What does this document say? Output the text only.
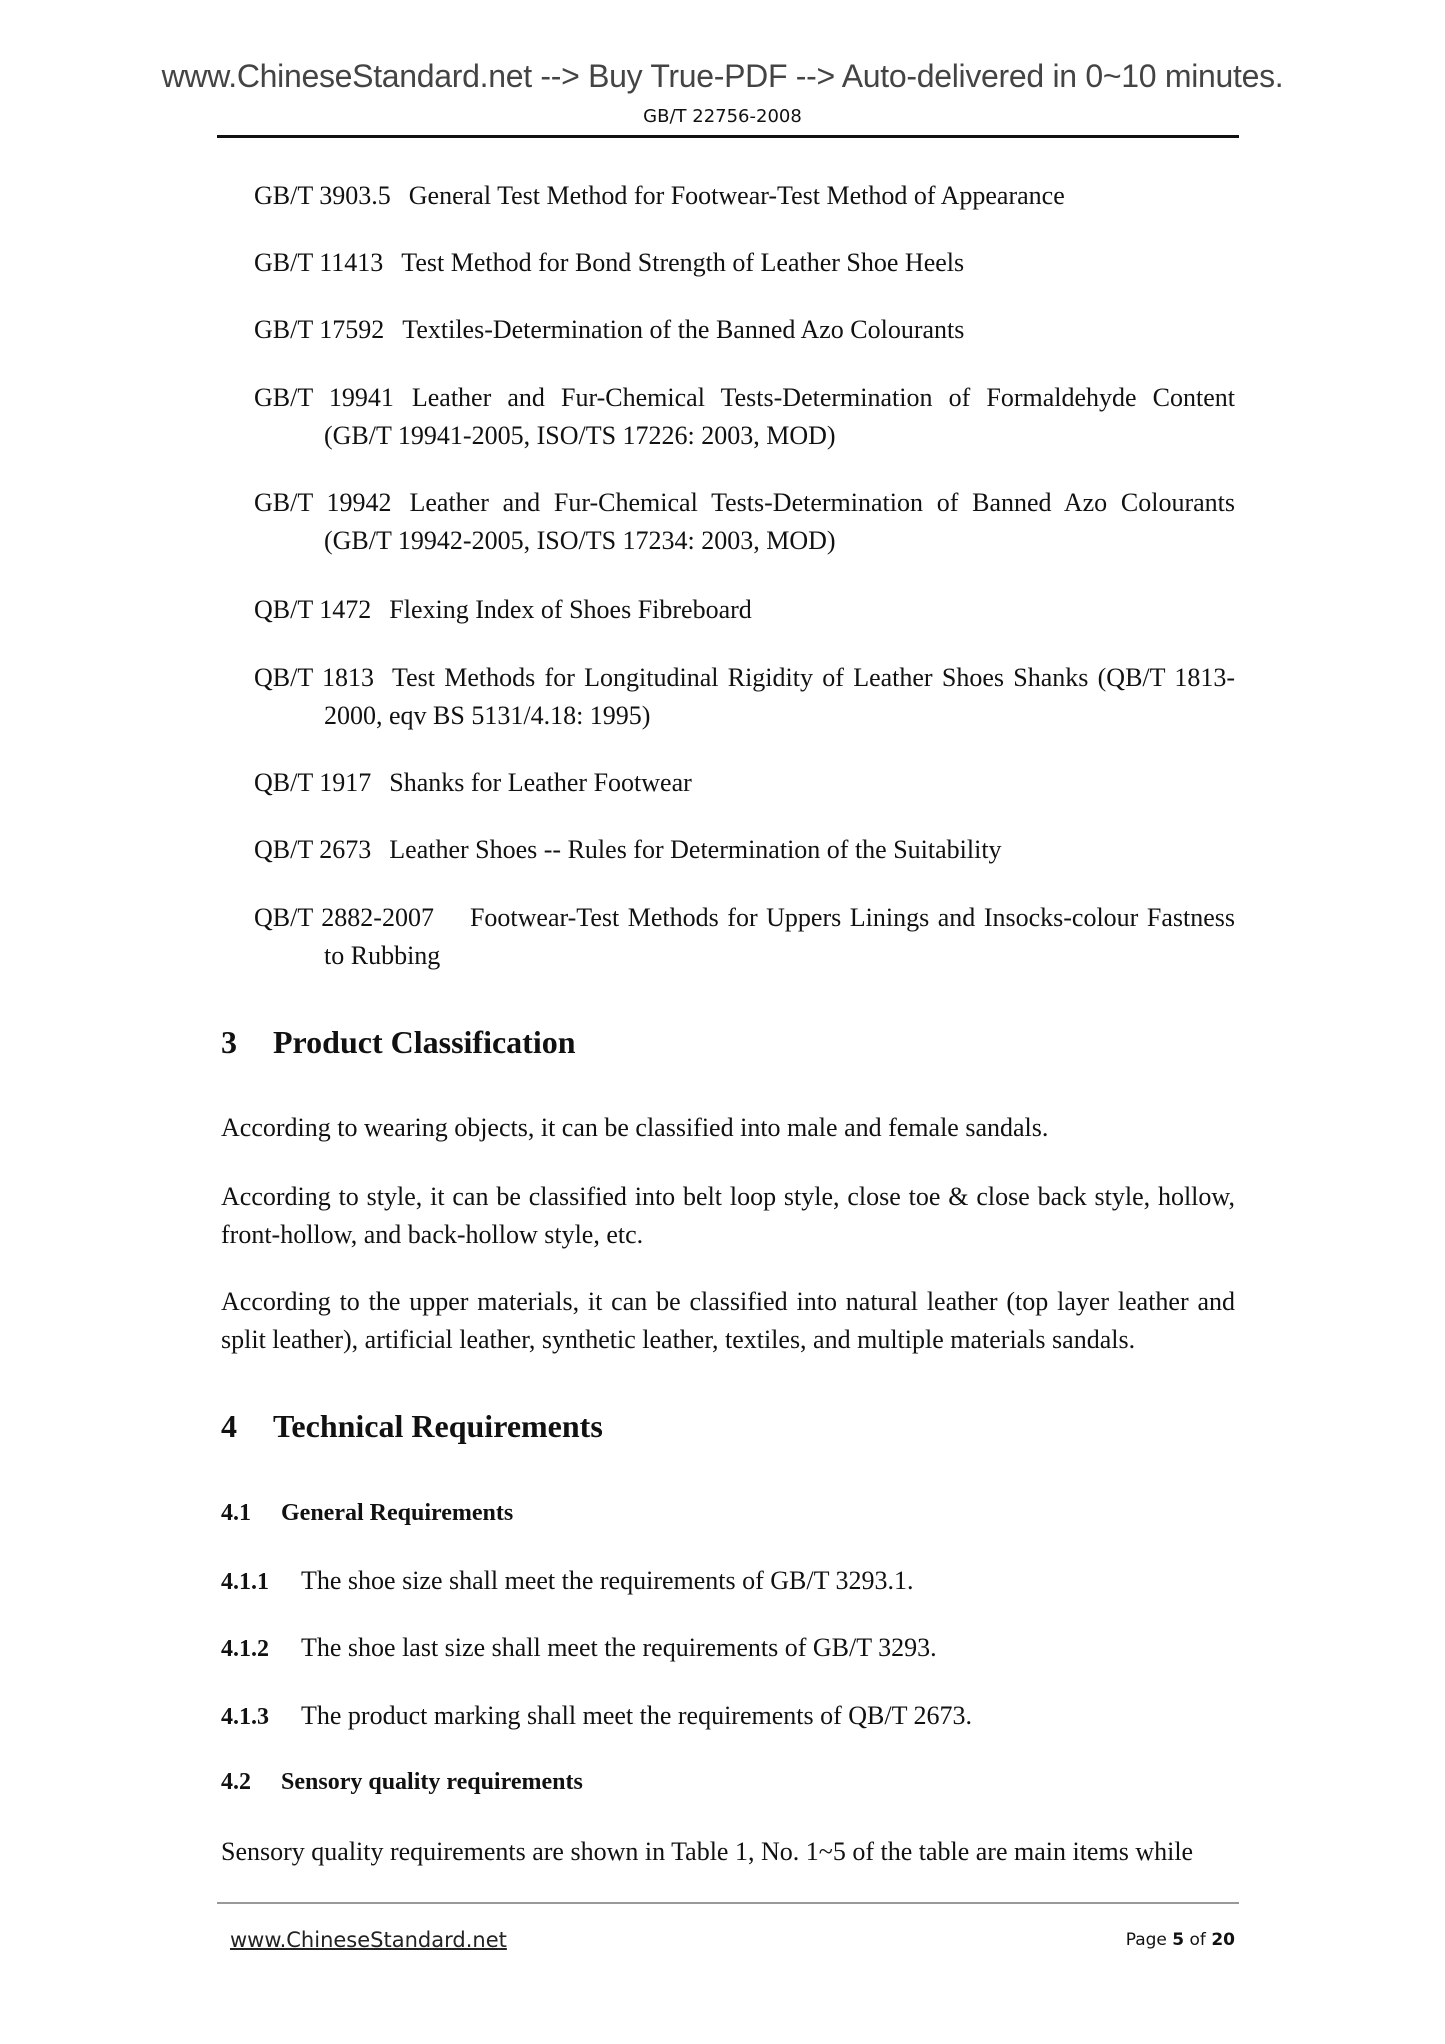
www.ChineseStandard.net --> Buy True-PDF --> Auto-delivered in 0~10 minutes.
GB/T 22756-2008
GB/T 3903.5 General Test Method for Footwear-Test Method of Appearance
GB/T 11413 Test Method for Bond Strength of Leather Shoe Heels
GB/T 17592 Textiles-Determination of the Banned Azo Colourants
GB/T 19941 Leather and Fur-Chemical Tests-Determination of Formaldehyde Content (GB/T 19941-2005, ISO/TS 17226: 2003, MOD)
GB/T 19942 Leather and Fur-Chemical Tests-Determination of Banned Azo Colourants (GB/T 19942-2005, ISO/TS 17234: 2003, MOD)
QB/T 1472 Flexing Index of Shoes Fibreboard
QB/T 1813 Test Methods for Longitudinal Rigidity of Leather Shoes Shanks (QB/T 1813-2000, eqv BS 5131/4.18: 1995)
QB/T 1917 Shanks for Leather Footwear
QB/T 2673 Leather Shoes -- Rules for Determination of the Suitability
QB/T 2882-2007 Footwear-Test Methods for Uppers Linings and Insocks-colour Fastness to Rubbing
3 Product Classification
According to wearing objects, it can be classified into male and female sandals.
According to style, it can be classified into belt loop style, close toe & close back style, hollow, front-hollow, and back-hollow style, etc.
According to the upper materials, it can be classified into natural leather (top layer leather and split leather), artificial leather, synthetic leather, textiles, and multiple materials sandals.
4 Technical Requirements
4.1 General Requirements
4.1.1 The shoe size shall meet the requirements of GB/T 3293.1.
4.1.2 The shoe last size shall meet the requirements of GB/T 3293.
4.1.3 The product marking shall meet the requirements of QB/T 2673.
4.2 Sensory quality requirements
Sensory quality requirements are shown in Table 1, No. 1~5 of the table are main items while
www.ChineseStandard.net	Page 5 of 20
